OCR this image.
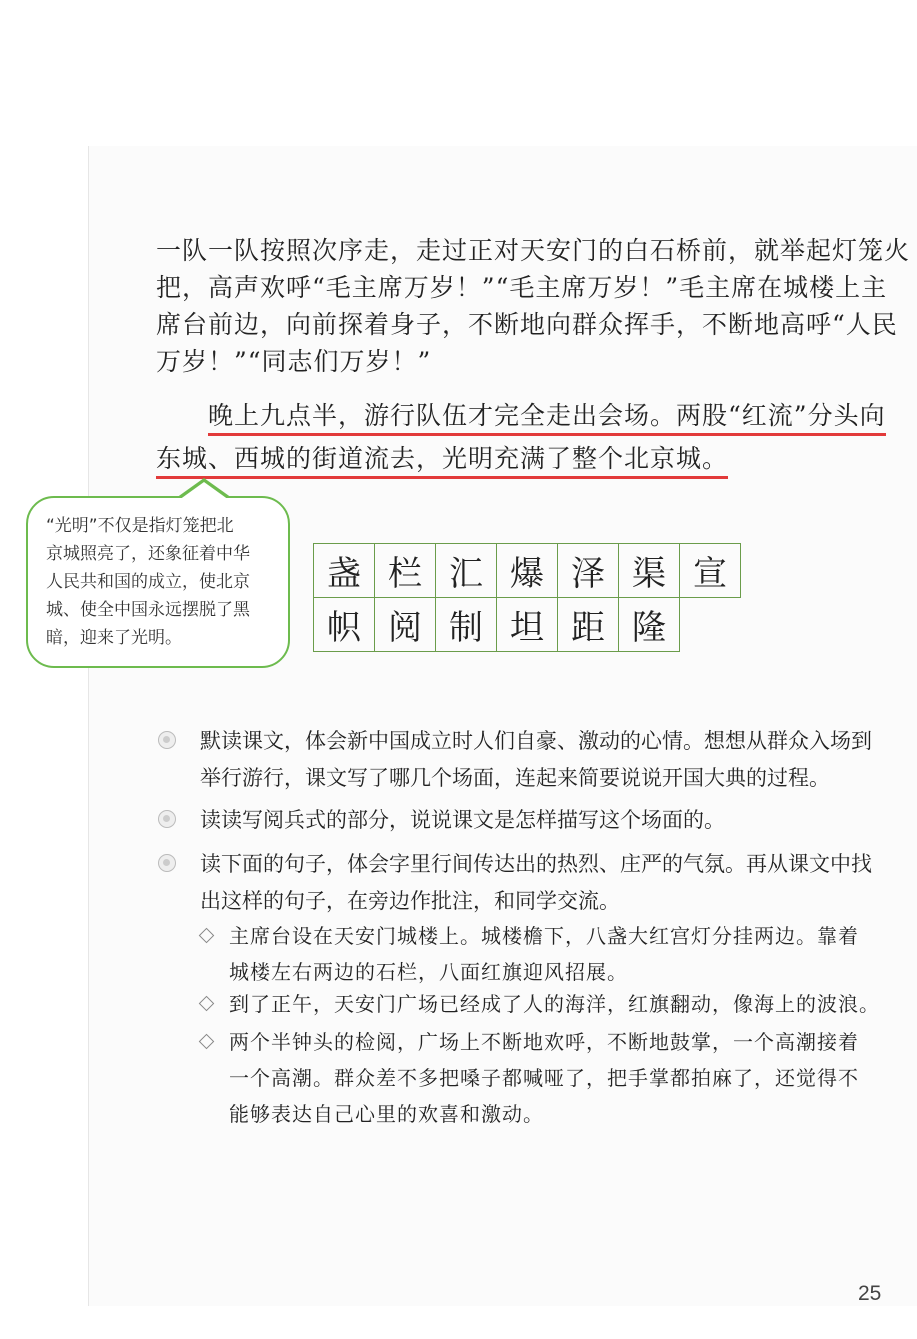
一队一队按照次序走，走过正对天安门的白石桥前，就举起灯笼火
把，高声欢呼“毛主席万岁！”“毛主席万岁！”毛主席在城楼上主
席台前边，向前探着身子，不断地向群众挥手，不断地高呼“人民
万岁！”“同志们万岁！”
晚上九点半，游行队伍才完全走出会场。两股“红流”分头向
东城、西城的街道流去，光明充满了整个北京城。
“光明”不仅是指灯笼把北
京城照亮了，还象征着中华
人民共和国的成立，使北京
城、使全中国永远摆脱了黑
暗，迎来了光明。
盏	栏	汇	爆	泽	渠	宣
帜	阅	制	坦	距	隆	
默读课文，体会新中国成立时人们自豪、激动的心情。想想从群众入场到
举行游行，课文写了哪几个场面，连起来简要说说开国大典的过程。
读读写阅兵式的部分，说说课文是怎样描写这个场面的。
读下面的句子，体会字里行间传达出的热烈、庄严的气氛。再从课文中找
出这样的句子，在旁边作批注，和同学交流。
主席台设在天安门城楼上。城楼檐下，八盏大红宫灯分挂两边。靠着
城楼左右两边的石栏，八面红旗迎风招展。
到了正午，天安门广场已经成了人的海洋，红旗翻动，像海上的波浪。
两个半钟头的检阅，广场上不断地欢呼，不断地鼓掌，一个高潮接着
一个高潮。群众差不多把嗓子都喊哑了，把手掌都拍麻了，还觉得不
能够表达自己心里的欢喜和激动。
25
